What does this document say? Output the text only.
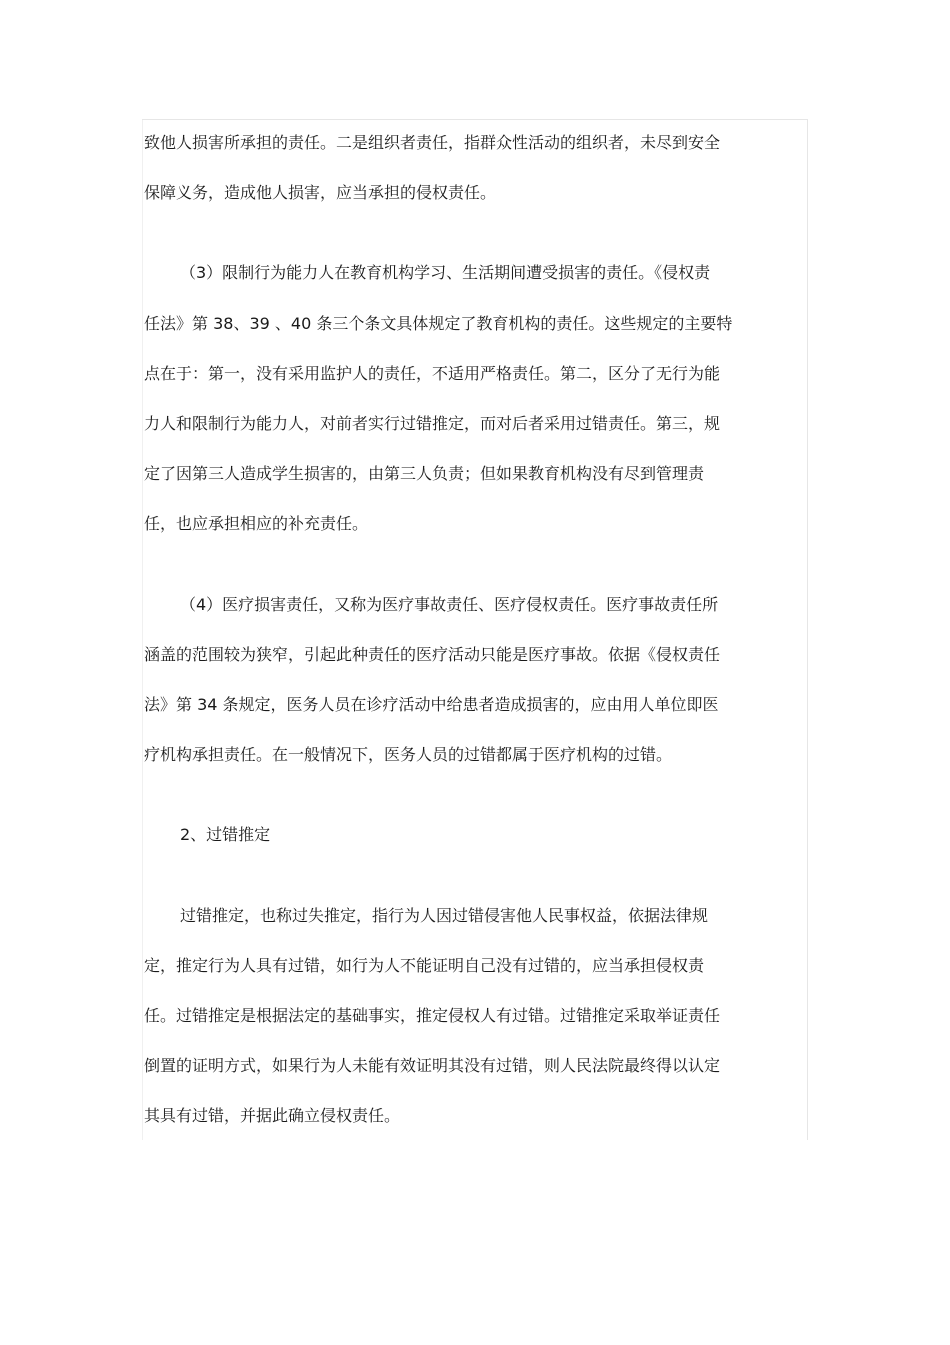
致他人损害所承担的责任。二是组织者责任，指群众性活动的组织者，未尽到安全
保障义务，造成他人损害，应当承担的侵权责任。
（3）限制行为能力人在教育机构学习、生活期间遭受损害的责任。《侵权责
任法》第 38、39 、40 条三个条文具体规定了教育机构的责任。这些规定的主要特
点在于：第一，没有采用监护人的责任，不适用严格责任。第二，区分了无行为能
力人和限制行为能力人，对前者实行过错推定，而对后者采用过错责任。第三，规
定了因第三人造成学生损害的，由第三人负责；但如果教育机构没有尽到管理责
任，也应承担相应的补充责任。
（4）医疗损害责任，又称为医疗事故责任、医疗侵权责任。医疗事故责任所
涵盖的范围较为狭窄，引起此种责任的医疗活动只能是医疗事故。依据《侵权责任
法》第 34 条规定，医务人员在诊疗活动中给患者造成损害的，应由用人单位即医
疗机构承担责任。在一般情况下，医务人员的过错都属于医疗机构的过错。
2、过错推定
过错推定，也称过失推定，指行为人因过错侵害他人民事权益，依据法律规
定，推定行为人具有过错，如行为人不能证明自己没有过错的，应当承担侵权责
任。过错推定是根据法定的基础事实，推定侵权人有过错。过错推定采取举证责任
倒置的证明方式，如果行为人未能有效证明其没有过错，则人民法院最终得以认定
其具有过错，并据此确立侵权责任。
